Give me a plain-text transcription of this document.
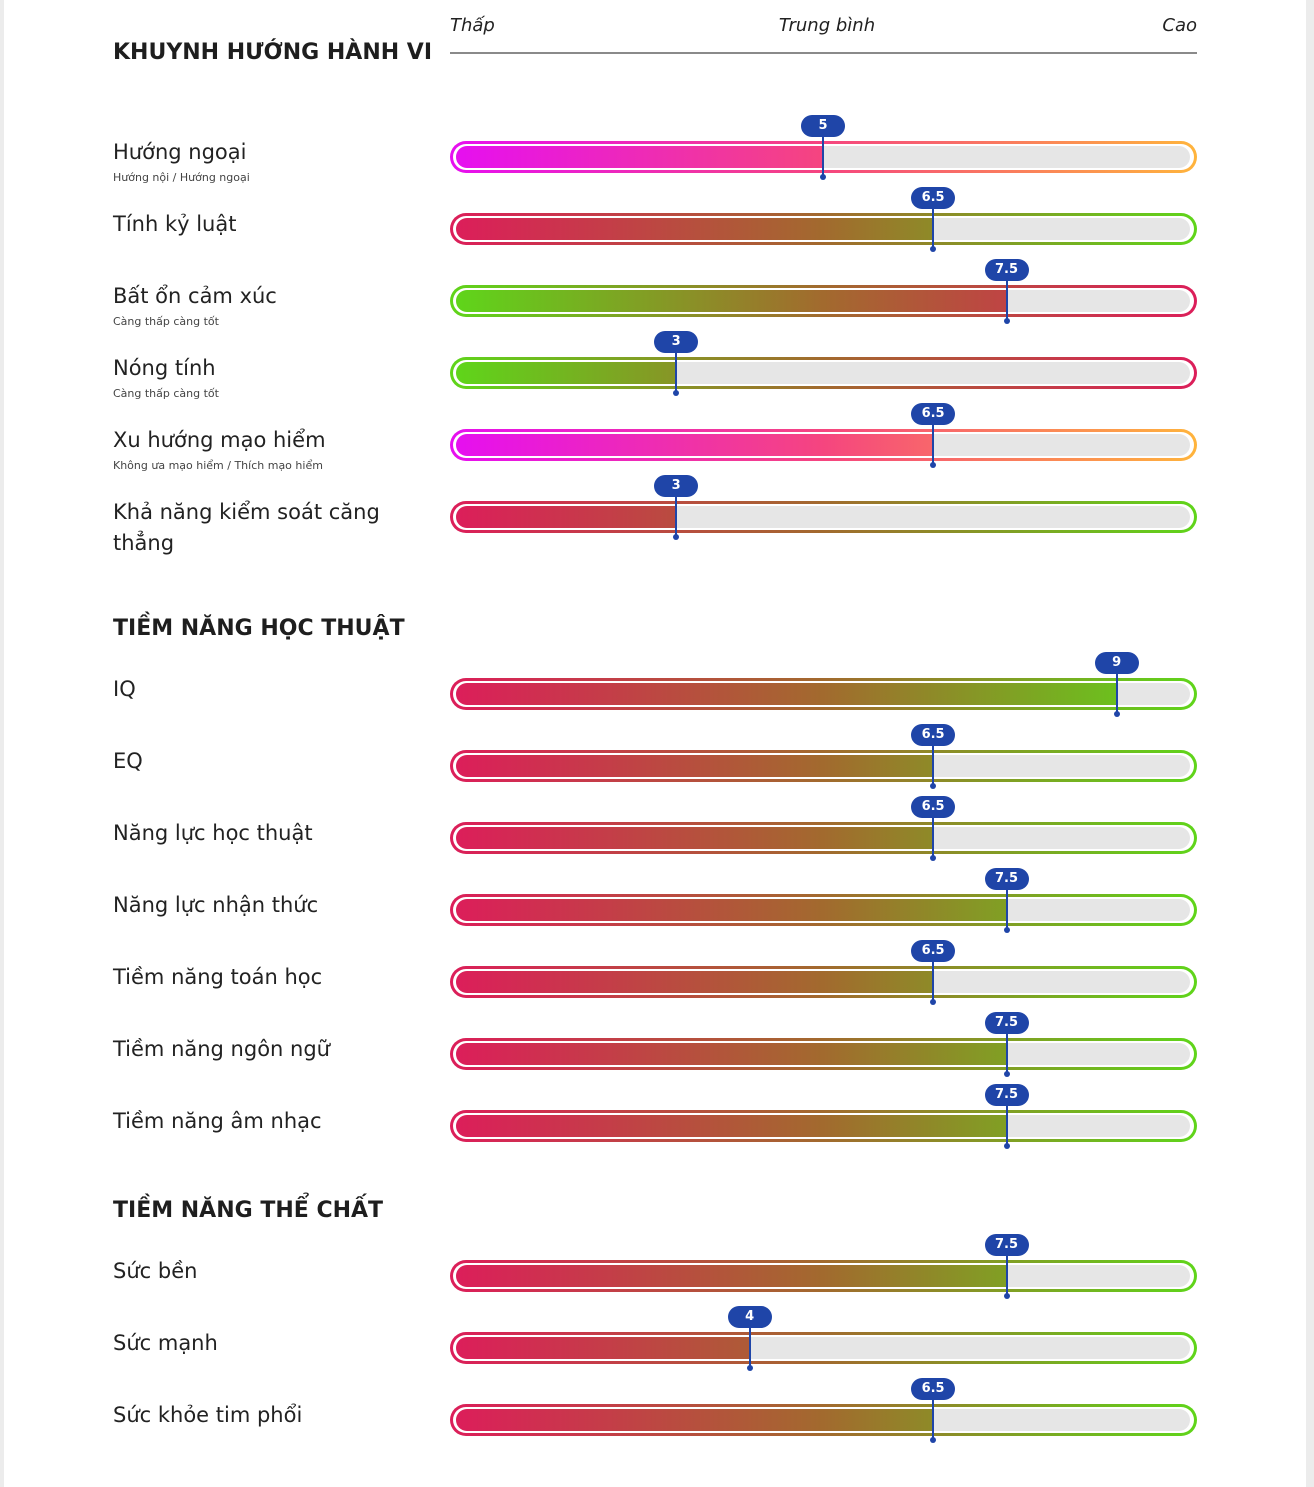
Thấp	Trung bình	Cao
KHUYNH HƯỚNG HÀNH VI
Hướng ngoại
Hướng nội / Hướng ngoại
5
Tính kỷ luật
6.5
Bất ổn cảm xúc
Càng thấp càng tốt
7.5
Nóng tính
Càng thấp càng tốt
3
Xu hướng mạo hiểm
Không ưa mạo hiểm / Thích mạo hiểm
6.5
Khả năng kiểm soát căng thẳng
3
TIỀM NĂNG HỌC THUẬT
IQ
9
EQ
6.5
Năng lực học thuật
6.5
Năng lực nhận thức
7.5
Tiềm năng toán học
6.5
Tiềm năng ngôn ngữ
7.5
Tiềm năng âm nhạc
7.5
TIỀM NĂNG THỂ CHẤT
Sức bền
7.5
Sức mạnh
4
Sức khỏe tim phổi
6.5
